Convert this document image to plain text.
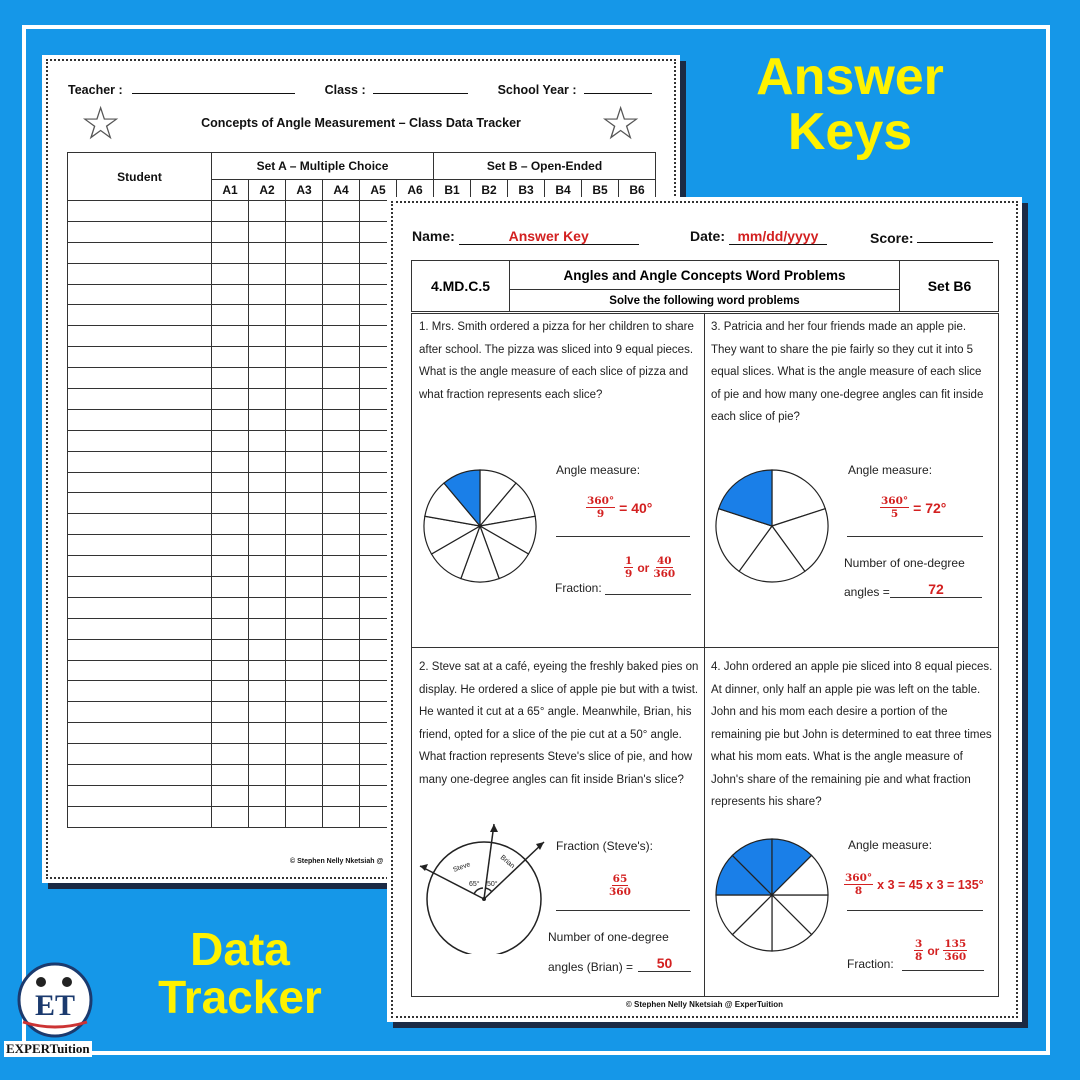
Answer Keys
Teacher :	Class :	School Year :
☆	☆
Concepts of Angle Measurement – Class Data Tracker
Student	Set A – Multiple Choice						Set B – Open-Ended					
	A1	A2	A3	A4	A5	A6	B1	B2	B3	B4	B5	B6

© Stephen Nelly Nketsiah @
Name:	Answer Key	Date: mm/dd/yyyy	Score:
4.MD.C.5
Angles and Angle Concepts Word Problems
Solve the following word problems
Set B6
1. Mrs. Smith ordered a pizza for her children to share after school. The pizza was sliced into 9 equal pieces. What is the angle measure of each slice of pizza and what fraction represents each slice?
Angle measure:
$\frac{360^\circ}{9} = 40^\circ$
Fraction:
$\frac{1}{9}$ or $\frac{40}{360}$
3. Patricia and her four friends made an apple pie. They want to share the pie fairly so they cut it into 5 equal slices. What is the angle measure of each slice of pie and how many one-degree angles can fit inside each slice of pie?
Angle measure:
$\frac{360^\circ}{5} = 72^\circ$
Number of one-degree
angles =	72
2. Steve sat at a café, eyeing the freshly baked pies on display. He ordered a slice of apple pie but with a twist. He wanted it cut at a 65° angle. Meanwhile, Brian, his friend, opted for a slice of the pie cut at a 50° angle. What fraction represents Steve's slice of pie, and how many one-degree angles can fit inside Brian's slice?
Steve	Brian
65° 50°
Fraction (Steve's):
$\frac{65}{360}$
Number of one-degree
angles (Brian) =	50
4. John ordered an apple pie sliced into 8 equal pieces. At dinner, only half an apple pie was left on the table. John and his mom each desire a portion of the remaining pie but John is determined to eat three times what his mom eats. What is the angle measure of John's share of the remaining pie and what fraction represents his share?
Angle measure:
$\frac{360^\circ}{8}$ x 3 = 45 x 3 = 135°
Fraction:
$\frac{3}{8}$ or $\frac{135}{360}$
© Stephen Nelly Nketsiah @ ExperTuition
Data Tracker
ET
EXPERTuition
